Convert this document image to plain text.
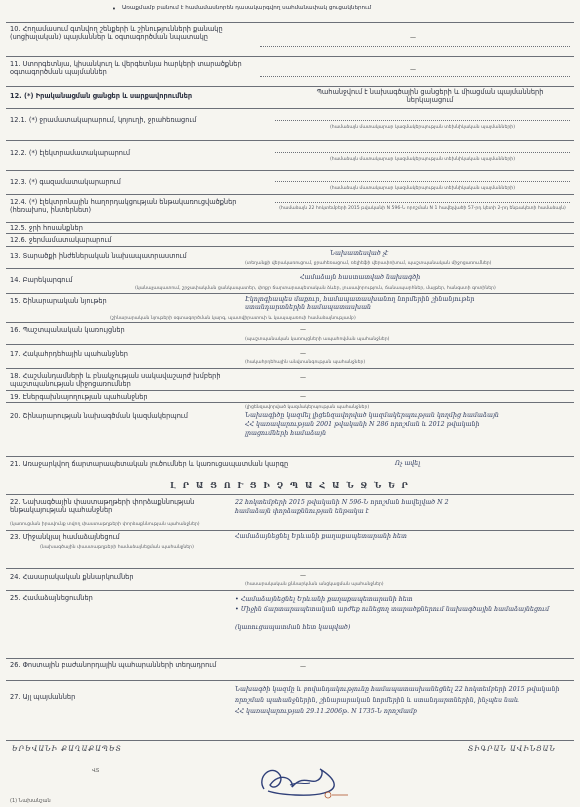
• Առաքմամբ բանում է համամասնորեն դասակարգվող սահմանափակ ցուցակներում
10. Հողամասում գտնվող շենքերի և շինությունների քանակը (սոցիալական) պայմաններ և օգտագործման նպատակը	—
11. Ստորգետնյա, կիսանկուղ և վերգետնյա հարկերի տարածքներ օգտագործման պայմաններ	—
12. (*) Իրականացման ցանցեր և սարքավորումներ	Պահանջվում է նախագծային ցանցերի և միացման պայմանների ներկայացում
12.1. (*) ջրամատակարարում, կոյուղի, ջրահեռացում
(համաձայն մատակարար կազմակերպության տեխնիկական պայմանների)
12.2. (*) էլեկտրամատակարարում
(համաձայն մատակարար կազմակերպության տեխնիկական պայմանների)
12.3. (*) գազամատակարարում
(համաձայն մատակարար կազմակերպության տեխնիկական պայմանների)
12.4. (*) էլեկտրոնային հաղորդակցության ենթակառուցվածքներ (հեռախոս, ինտերնետ)	(համաձայն 22 հոկտեմբերի 2015 թվականի N 596-Ն որոշման N 1 հավելվածի 57-րդ կետի 2-րդ ենթակետի համաձայն)
12.5. ջրի հոսանքներ
12.6. ջերմամատակարարում
13. Տարածքի ինժեներական նախապատրաստում	Նախատեսված չէ
(տեղանքի վերակառուցում, ջրահեռացում, ռելիեֆի վերափոխում, պաշտպանական միջոցառումներ)
14. Բարեկարգում	Համաձայն հաստատված նախագծի
(կանաչապատում, շրջափակման ցանկապատեր, փոքր ճարտարապետական ձևեր, լուսավորություն, ճանապարհներ, մայթեր, հանգստի գոտիներ)
15. Շինարարական նյութեր	Էկոլոգիապես մաքուր, համապատասխանող նորմերին շինանյութեր
ստանդարտներին համապատասխան
(շինարարական նյութերի օգտագործման կարգ, պատվիրատուի և կապալառուի համաձայնությամբ)
16. Պաշտպանական կառույցներ	—
(պաշտպանական կառույցների ապահովման պահանջներ)
17. Հակահրդեհային պահանջներ	—
(հակահրդեհային անվտանգության պահանջներ)
18. Հաշմանդամների և բնակչության սակավաշարժ խմբերի պաշտպանության միջոցառումներ
—
19. Էներգախնայողության պահանջներ	—
20. Շինարարության նախագծման կազմակերպում	Նախագիծը կազմել լիցենզավորված կազմակերպության կողմից համաձայն
ՀՀ կառավարության 2001 թվականի N 286 որոշման և 2012 թվականի
լրացումների համաձայն
(լիցենզավորված կազմակերպության պահանջներ)
21. Առաջարկվող ճարտարապետական լուծումներ և կառուցապատման կարգը	Ոչ ավել
Լ Ր Ա Ց Ո Ւ Ց Ի Չ Պ Ա Հ Ա Ն Ջ Ն Ե Ր
22. Նախագծային փաստաթղթերի փորձաքննության ենթակայության պահանջներ
22 հոկտեմբերի 2015 թվականի N 596-Ն որոշման հավելված N 2
համաձայն փորձաքննության ենթակա է
(կառուցման իրավունք տվող փաստաթղթերի փորձաքննության պահանջներ)
23. Միջանկյալ համաձայնեցում	Համաձայնեցնել Երևանի քաղաքապետարանի հետ
(նախագծային փաստաթղթերի համաձայնեցման պահանջներ)
24. Հասարակական քննարկումներ	—
(հասարակական քննարկման անցկացման պահանջներ)
25. Համաձայնեցումներ	• Համաձայնեցնել Երևանի քաղաքապետարանի հետ
• Միջին ճարտարապետական արժեք ունեցող տարածքներում նախագծային համաձայնեցում
(կառուցապատման հետ կապված)
26. Փոստային բաժանորդային պահարանների տեղադրում	—
27. Այլ պայմաններ
Նախագծի կազմը և բովանդակությունը համապատասխանեցնել 22 հոկտեմբերի 2015 թվականի
որոշման պահանջներին, շինարարական նորմերին և ստանդարտներին, ինչպես նաև
ՀՀ կառավարության 29.11.2006թ. N 1735-Ն որոշմամբ
ԵՐԵՎԱՆԻ ՔԱՂԱՔԱՊԵՏ	ՏԻԳՐԱՆ ԱՎԻՆՅԱՆ
ՎՏ
(1) Նախանշան
